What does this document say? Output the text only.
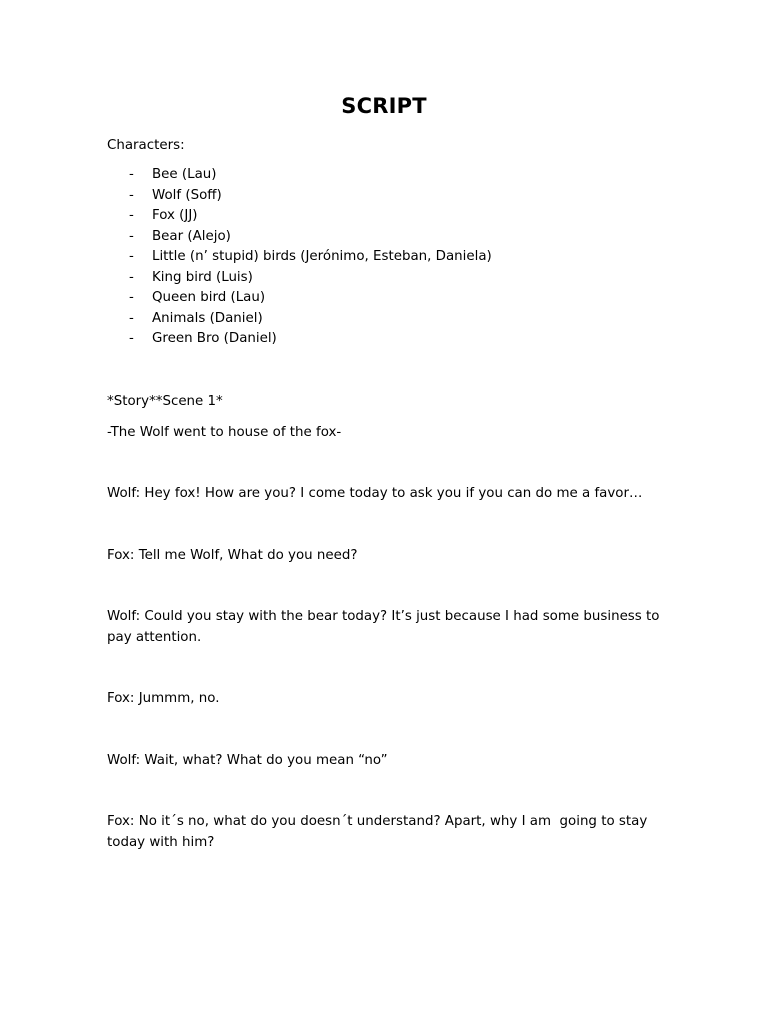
SCRIPT
Characters:
- Bee (Lau)
- Wolf (Soff)
- Fox (JJ)
- Bear (Alejo)
- Little (n’ stupid) birds (Jerónimo, Esteban, Daniela)
- King bird (Luis)
- Queen bird (Lau)
- Animals (Daniel)
- Green Bro (Daniel)
*Story**Scene 1*
-The Wolf went to house of the fox-
Wolf: Hey fox! How are you? I come today to ask you if you can do me a favor…
Fox: Tell me Wolf, What do you need?
Wolf: Could you stay with the bear today? It’s just because I had some business to pay attention.
Fox: Jummm, no.
Wolf: Wait, what? What do you mean “no”
Fox: No it´s no, what do you doesn´t understand? Apart, why I am  going to stay today with him?
